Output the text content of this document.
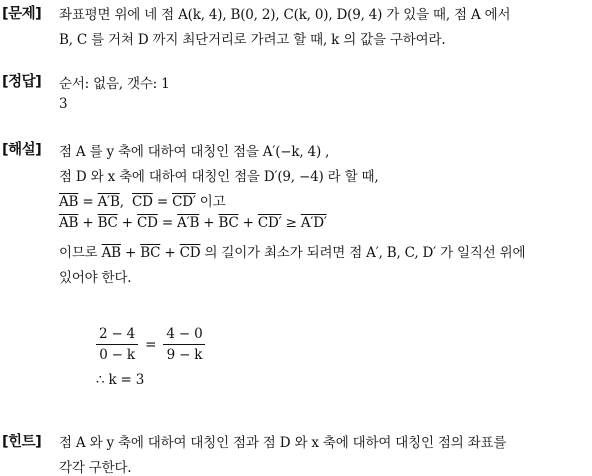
[문제]	좌표평면 위에 네 점 A(k, 4), B(0, 2), C(k, 0), D(9, 4) 가 있을 때, 점 A 에서
B, C 를 거쳐 D 까지 최단거리로 가려고 할 때, k 의 값을 구하여라.
[정답]	순서: 없음, 갯수: 1
3
[해설]	점 A 를 y 축에 대하여 대칭인 점을 A′(−k, 4) ,
점 D 와 x 축에 대하여 대칭인 점을 D′(9, −4) 라 할 때,
$\overline{AB} = A'B$,  $\overline{CD} = CD'$ 이고
$\overline{AB} + \overline{BC} + \overline{CD} = A'B + \overline{BC} + CD' \ge A'D'$
이므로 $\overline{AB} + \overline{BC} + \overline{CD}$ 의 길이가 최소가 되려면 점 A′, B, C, D′ 가 일직선 위에
있어야 한다.
$\frac{2 - 4}{0 - k} = \frac{4 - 0}{9 - k}$
∴ k = 3
[힌트]	점 A 와 y 축에 대하여 대칭인 점과 점 D 와 x 축에 대하여 대칭인 점의 좌표를
각각 구한다.
